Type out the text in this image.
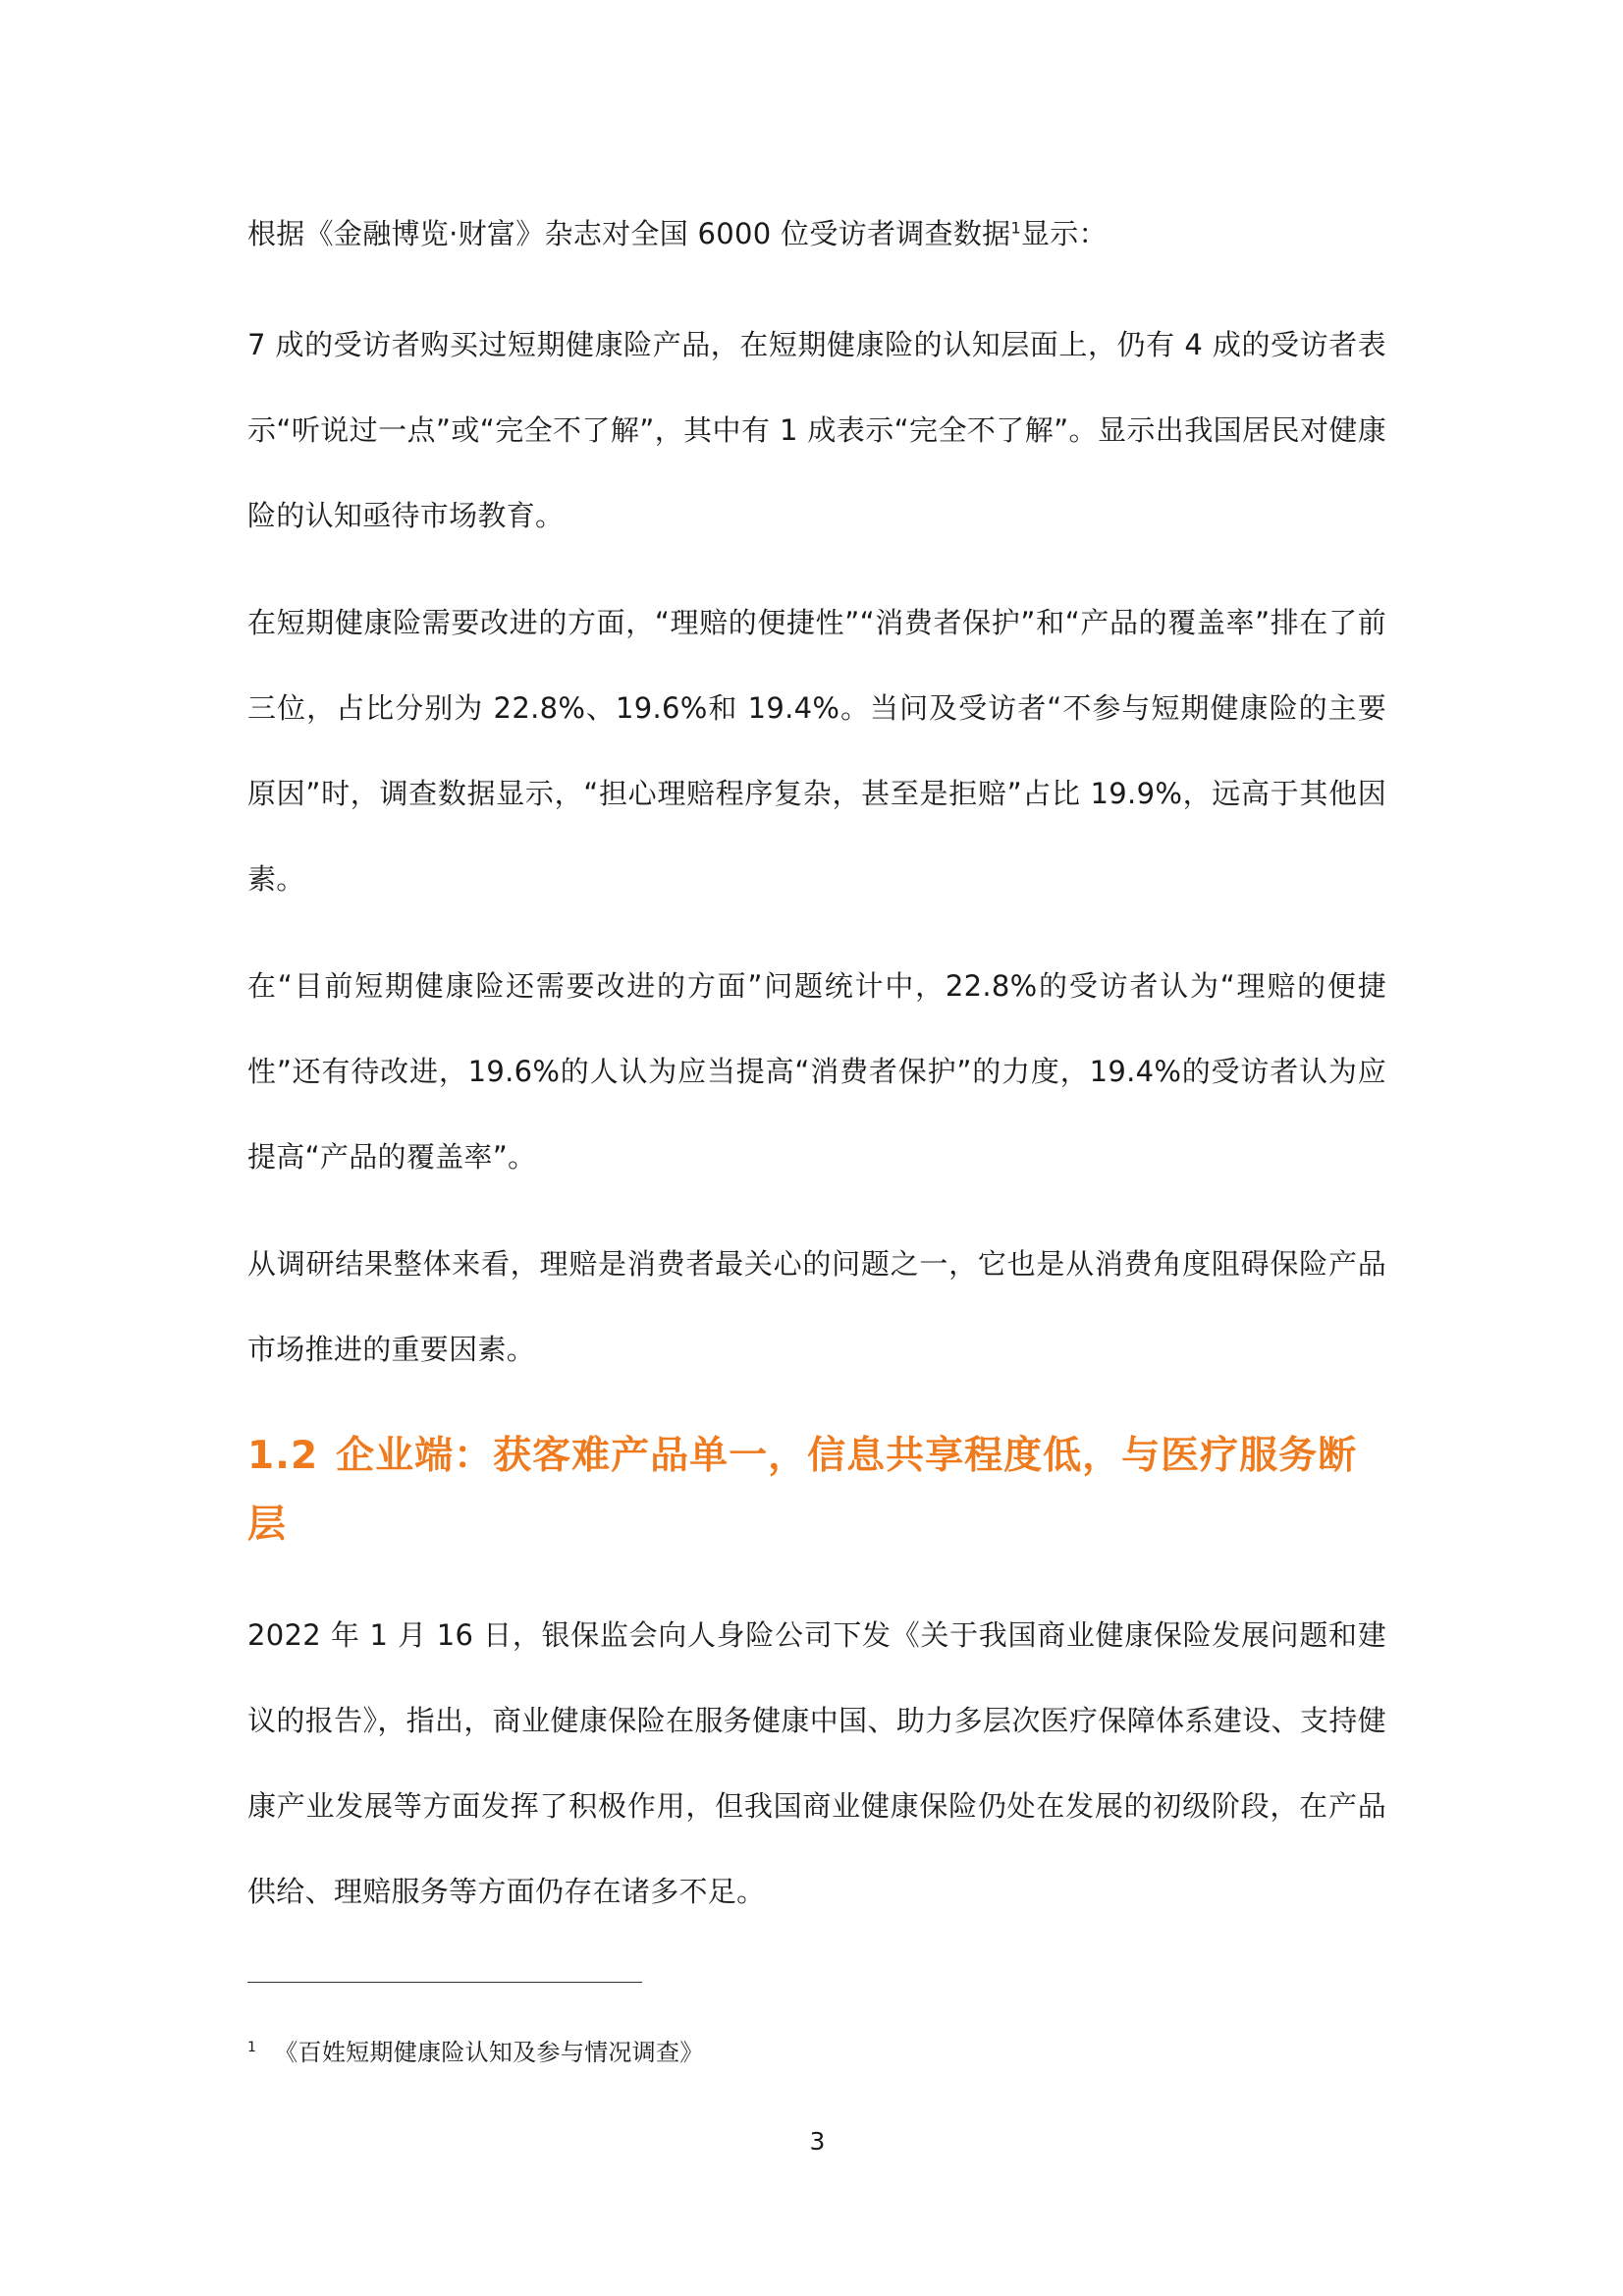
根据《金融博览·财富》杂志对全国 6000 位受访者调查数据$^1$显示：

7 成的受访者购买过短期健康险产品，在短期健康险的认知层面上，仍有 4 成的受访者表示“听说过一点”或“完全不了解”，其中有 1 成表示“完全不了解”。显示出我国居民对健康险的认知亟待市场教育。

在短期健康险需要改进的方面，“理赔的便捷性”“消费者保护”和“产品的覆盖率”排在了前三位，占比分别为 22.8%、19.6%和 19.4%。当问及受访者“不参与短期健康险的主要原因”时，调查数据显示，“担心理赔程序复杂，甚至是拒赔”占比 19.9%，远高于其他因素。

在“目前短期健康险还需要改进的方面”问题统计中，22.8%的受访者认为“理赔的便捷性”还有待改进，19.6%的人认为应当提高“消费者保护”的力度，19.4%的受访者认为应提高“产品的覆盖率”。

从调研结果整体来看，理赔是消费者最关心的问题之一，它也是从消费角度阻碍保险产品市场推进的重要因素。

1.2 企业端：获客难产品单一，信息共享程度低，与医疗服务断层

2022 年 1 月 16 日，银保监会向人身险公司下发《关于我国商业健康保险发展问题和建议的报告》，指出，商业健康保险在服务健康中国、助力多层次医疗保障体系建设、支持健康产业发展等方面发挥了积极作用，但我国商业健康保险仍处在发展的初级阶段，在产品供给、理赔服务等方面仍存在诸多不足。

$^1$ 《百姓短期健康险认知及参与情况调查》
3
